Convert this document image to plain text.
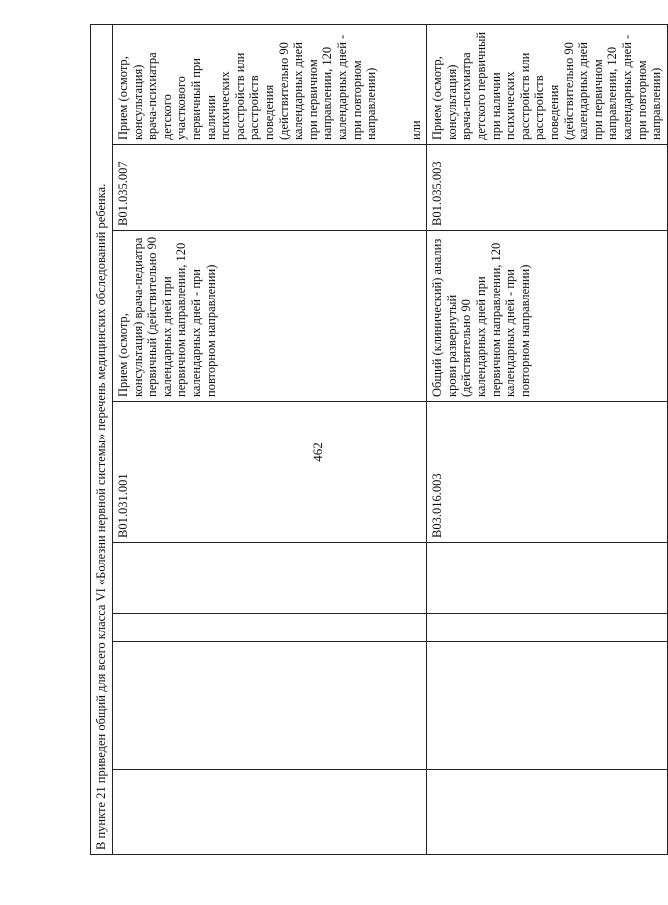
462
В пункте 21 приведен общий для всего класса VI «Болезни нервной системы» перечень медицинских обследований ребенка.							
				B01.031.001	Прием (осмотр, консультация) врача-педиатра первичный (действительно 90 календарных дней при первичном направлении, 120 календарных дней - при повторном направлении)	B01.035.007	Прием (осмотр, консультация) врача-психиатра детского участкового первичный при наличии психических расстройств или расстройств поведения (действительно 90 календарных дней при первичном направлении, 120 календарных дней - при повторном направлении) или

				B03.016.003	Общий (клинический) анализ крови развернутый (действительно 90 календарных дней при первичном направлении, 120 календарных дней - при повторном направлении)	B01.035.003	Прием (осмотр, консультация) врача-психиатра детского первичный при наличии психических расстройств или расстройств поведения (действительно 90 календарных дней при первичном направлении, 120 календарных дней - при повторном направлении)
